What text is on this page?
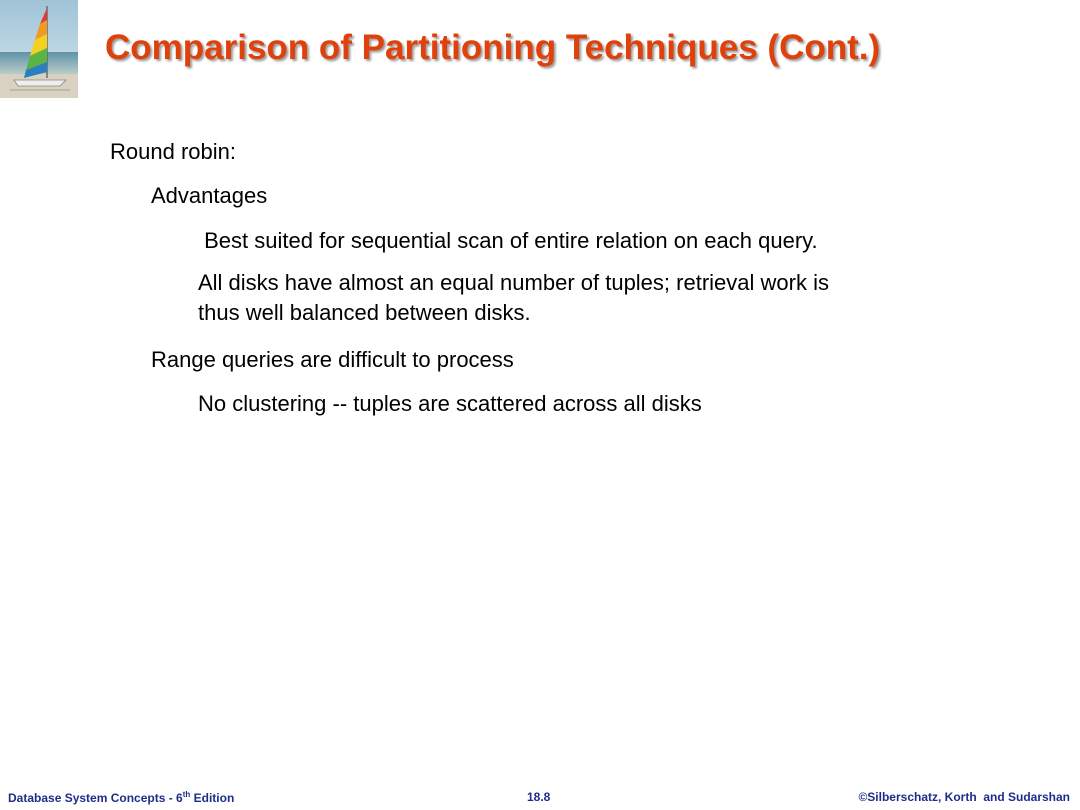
Comparison of Partitioning Techniques (Cont.)
Round robin:
Advantages
Best suited for sequential scan of entire relation on each query.
All disks have almost an equal number of tuples; retrieval work is
thus well balanced between disks.
Range queries are difficult to process
No clustering -- tuples are scattered across all disks
Database System Concepts - 6th Edition	18.8	©Silberschatz, Korth  and Sudarshan
